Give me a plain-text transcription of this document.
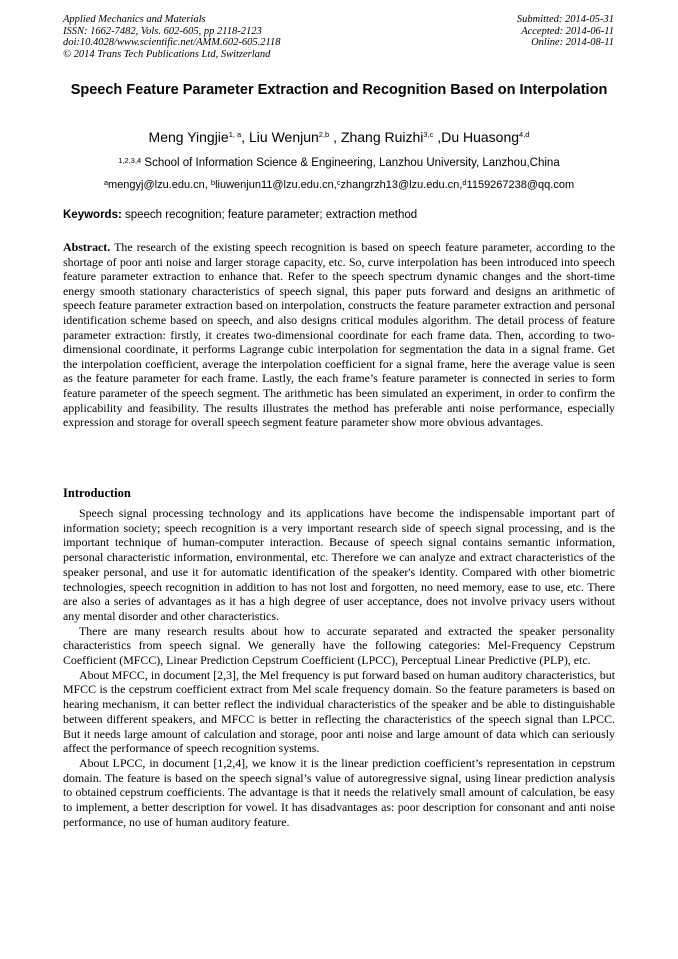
Applied Mechanics and Materials
ISSN: 1662-7482, Vols. 602-605, pp 2118-2123
doi:10.4028/www.scientific.net/AMM.602-605.2118
© 2014 Trans Tech Publications Ltd, Switzerland
Submitted: 2014-05-31
Accepted: 2014-06-11
Online: 2014-08-11
Speech Feature Parameter Extraction and Recognition Based on Interpolation
Meng Yingjie$^{1, a}$, Liu Wenjun$^{2,b}$ , Zhang Ruizhi$^{3,c}$ ,Du Huasong$^{4,d}$
$^{1,2,3,4}$ School of Information Science & Engineering, Lanzhou University, Lanzhou,China
$^a$mengyj@lzu.edu.cn, $^b$liuwenjun11@lzu.edu.cn,$^c$zhangrzh13@lzu.edu.cn,$^d$1159267238@qq.com
Keywords: speech recognition; feature parameter; extraction method
Abstract. The research of the existing speech recognition is based on speech feature parameter, according to the shortage of poor anti noise and larger storage capacity, etc. So, curve interpolation has been introduced into speech feature parameter extraction to enhance that. Refer to the speech spectrum dynamic changes and the short-time energy smooth stationary characteristics of speech signal, this paper puts forward and designs an arithmetic of speech feature parameter extraction based on interpolation, constructs the feature parameter extraction and personal identification scheme based on speech, and also designs critical modules algorithm. The detail process of feature parameter extraction: firstly, it creates two-dimensional coordinate for each frame data. Then, according to two-dimensional coordinate, it performs Lagrange cubic interpolation for segmentation the data in a signal frame. Get the interpolation coefficient, average the interpolation coefficient for a signal frame, here the average value is seen as the feature parameter for each frame. Lastly, the each frame’s feature parameter is connected in series to form feature parameter of the speech segment. The arithmetic has been simulated an experiment, in order to confirm the applicability and feasibility. The results illustrates the method has preferable anti noise performance, especially expression and storage for overall speech segment feature parameter show more obvious advantages.
Introduction

Speech signal processing technology and its applications have become the indispensable important part of information society; speech recognition is a very important research side of speech signal processing, and is the important technique of human-computer interaction. Because of speech signal contains semantic information, personal characteristic information, environmental, etc. Therefore we can analyze and extract characteristics of the speaker personal, and use it for automatic identification of the speaker's identity. Compared with other biometric technologies, speech recognition in addition to has not lost and forgotten, no need memory, ease to use, etc. There are also a series of advantages as it has a high degree of user acceptance, does not involve privacy users without any mental disorder and other characteristics.

There are many research results about how to accurate separated and extracted the speaker personality characteristics from speech signal. We generally have the following categories: Mel-Frequency Cepstrum Coefficient (MFCC), Linear Prediction Cepstrum Coefficient (LPCC), Perceptual Linear Predictive (PLP), etc.

About MFCC, in document [2,3], the Mel frequency is put forward based on human auditory characteristics, but MFCC is the cepstrum coefficient extract from Mel scale frequency domain. So the feature parameters is based on hearing mechanism, it can better reflect the individual characteristics of the speaker and be able to distinguishable between different speakers, and MFCC is better in reflecting the characteristics of the speech signal than LPCC. But it needs large amount of calculation and storage, poor anti noise and large amount of data which can seriously affect the performance of speech recognition systems.

About LPCC, in document [1,2,4], we know it is the linear prediction coefficient’s representation in cepstrum domain. The feature is based on the speech signal’s value of autoregressive signal, using linear prediction analysis to obtained cepstrum coefficients. The advantage is that it needs the relatively small amount of calculation, be easy to implement, a better description for vowel. It has disadvantages as: poor description for consonant and anti noise performance, no use of human auditory feature.
